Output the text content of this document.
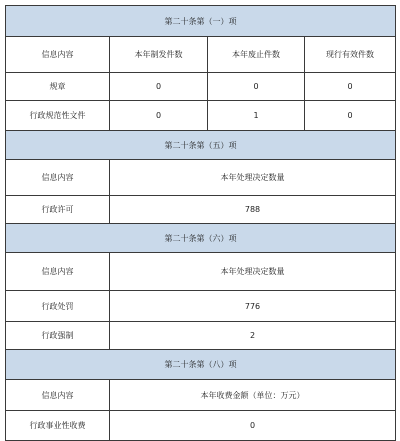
第二十条第（一）项			
信息内容	本年制发件数	本年废止件数	现行有效件数
规章	0	0	0
行政规范性文件	0	1	0
第二十条第（五）项			
信息内容	本年处理决定数量		
行政许可	788		
第二十条第（六）项			
信息内容	本年处理决定数量		
行政处罚	776		
行政强制	2		
第二十条第（八）项			
信息内容	本年收费金额（单位：万元）		
行政事业性收费	0		
